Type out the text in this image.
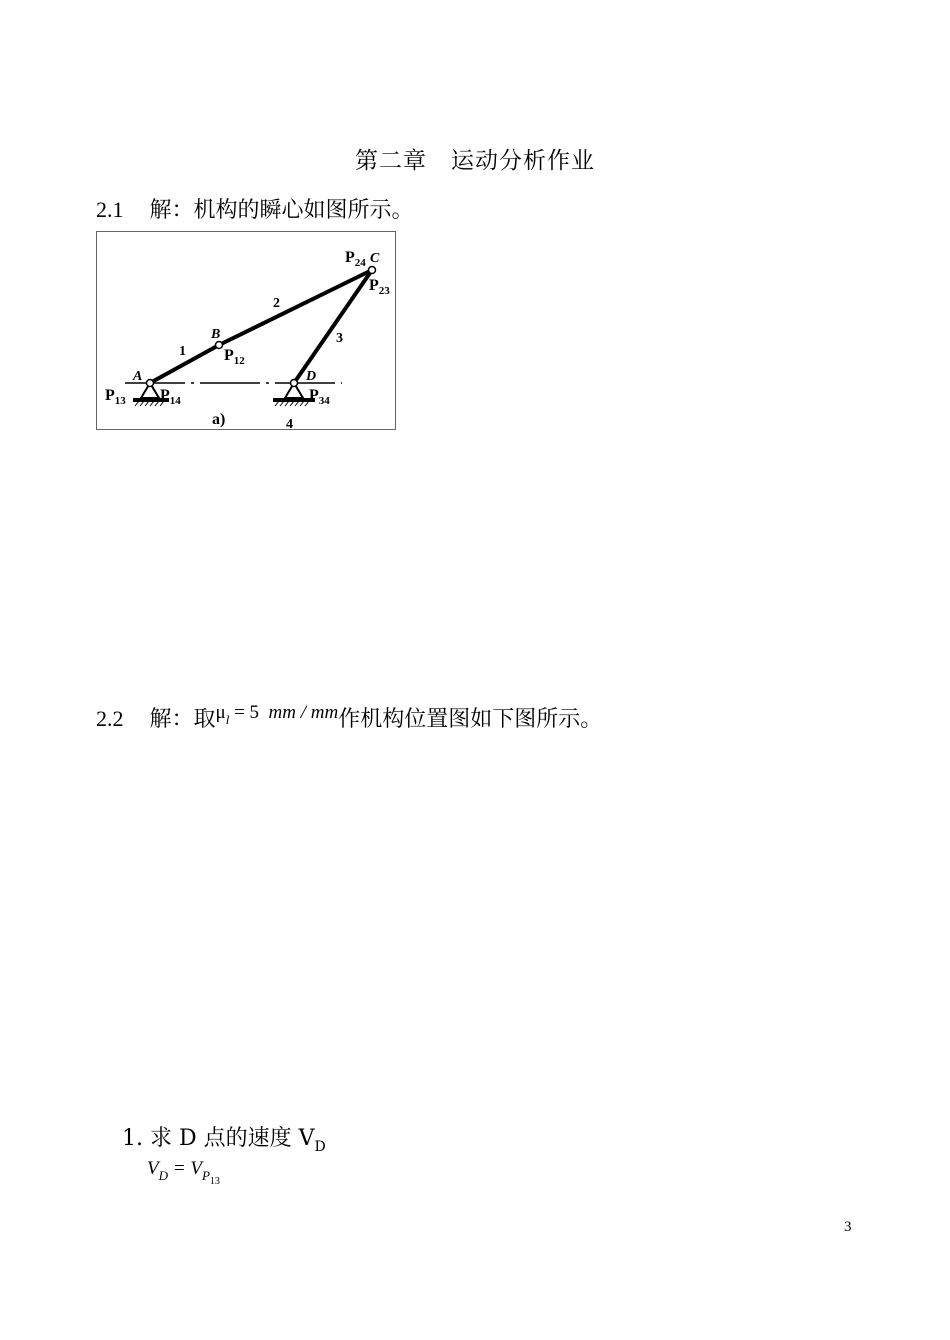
第二章　运动分析作业
2.1 解：机构的瞬心如图所示。
$P_{24}$ C
$P_{23}$
2
3
1
B
$P_{12}$
A	D
$P_{13}$ $P_{14}$	$P_{34}$
a)	4
2.2 解：取$\mu_l = 5$ mm / mm作机构位置图如下图所示。
1. 求 D 点的速度 $V_D$
$V_D = V_{P13}$
3
